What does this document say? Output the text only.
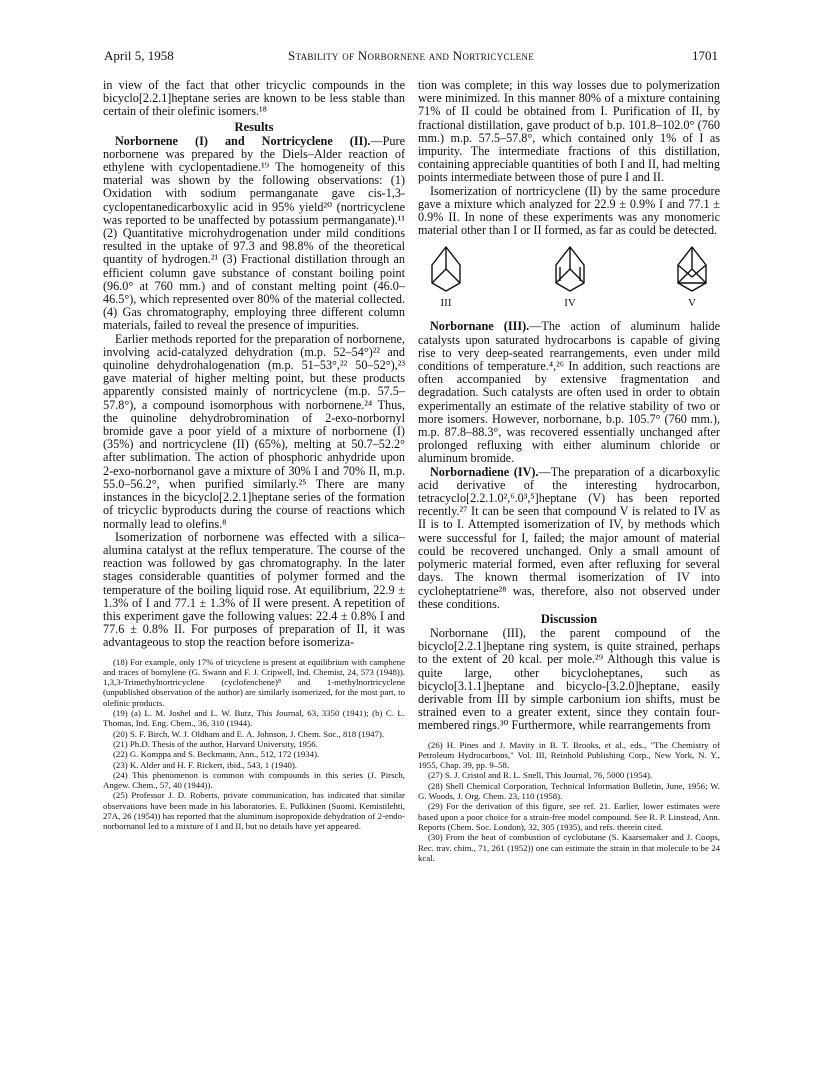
April 5, 1958	Stability of Norbornene and Nortricyclene	1701

in view of the fact that other tricyclic compounds in the bicyclo[2.2.1]heptane series are known to be less stable than certain of their olefinic isomers.¹⁸

Results

Norbornene (I) and Nortricyclene (II).—Pure norbornene was prepared by the Diels–Alder reaction of ethylene with cyclopentadiene.¹⁹ The homogeneity of this material was shown by the following observations: (1) Oxidation with sodium permanganate gave cis-1,3-cyclopentanedicarboxylic acid in 95% yield²⁰ (nortricyclene was reported to be unaffected by potassium permanganate).¹¹ (2) Quantitative microhydrogenation under mild conditions resulted in the uptake of 97.3 and 98.8% of the theoretical quantity of hydrogen.²¹ (3) Fractional distillation through an efficient column gave substance of constant boiling point (96.0° at 760 mm.) and of constant melting point (46.0–46.5°), which represented over 80% of the material collected. (4) Gas chromatography, employing three different column materials, failed to reveal the presence of impurities.

Earlier methods reported for the preparation of norbornene, involving acid-catalyzed dehydration (m.p. 52–54°)²² and quinoline dehydrohalogenation (m.p. 51–53°,²² 50–52°),²³ gave material of higher melting point, but these products apparently consisted mainly of nortricyclene (m.p. 57.5–57.8°), a compound isomorphous with norbornene.²⁴ Thus, the quinoline dehydrobromination of 2-exo-norbornyl bromide gave a poor yield of a mixture of norbornene (I) (35%) and nortricyclene (II) (65%), melting at 50.7–52.2° after sublimation. The action of phosphoric anhydride upon 2-exo-norbornanol gave a mixture of 30% I and 70% II, m.p. 55.0–56.2°, when purified similarly.²⁵ There are many instances in the bicyclo[2.2.1]heptane series of the formation of tricyclic byproducts during the course of reactions which normally lead to olefins.⁸

Isomerization of norbornene was effected with a silica–alumina catalyst at the reflux temperature. The course of the reaction was followed by gas chromatography. In the later stages considerable quantities of polymer formed and the temperature of the boiling liquid rose. At equilibrium, 22.9 ± 1.3% of I and 77.1 ± 1.3% of II were present. A repetition of this experiment gave the following values: 22.4 ± 0.8% I and 77.6 ± 0.8% II. For purposes of preparation of II, it was advantageous to stop the reaction before isomeriza-

(18) For example, only 17% of tricyclene is present at equilibrium with camphene and traces of bornylene (G. Swann and F. J. Cripwell, Ind. Chemist, 24, 573 (1948)). 1,3,3-Trimethylnortricyclene (cyclofenchene)⁸ and 1-methylnortricyclene (unpublished observation of the author) are similarly isomerized, for the most part, to olefinic products.

(19) (a) L. M. Joshel and L. W. Butz, This Journal, 63, 3350 (1941); (b) C. L. Thomas, Ind. Eng. Chem., 36, 310 (1944).

(20) S. F. Birch, W. J. Oldham and E. A. Johnson, J. Chem. Soc., 818 (1947).

(21) Ph.D. Thesis of the author, Harvard University, 1956.

(22) G. Komppa and S. Beckmann, Ann., 512, 172 (1934).

(23) K. Alder and H. F. Rickert, ibid., 543, 1 (1940).

(24) This phenomenon is common with compounds in this series (J. Pirsch, Angew. Chem., 57, 40 (1944)).

(25) Professor J. D. Roberts, private communication, has indicated that similar observations have been made in his laboratories. E. Pulkkinen (Suomi. Kemistilehti, 27A, 26 (1954)) has reported that the aluminum isopropoxide dehydration of 2-endo-norbornanol led to a mixture of I and II, but no details have yet appeared.

tion was complete; in this way losses due to polymerization were minimized. In this manner 80% of a mixture containing 71% of II could be obtained from I. Purification of II, by fractional distillation, gave product of b.p. 101.8–102.0° (760 mm.) m.p. 57.5–57.8°, which contained only 1% of I as impurity. The intermediate fractions of this distillation, containing appreciable quantities of both I and II, had melting points intermediate between those of pure I and II.

Isomerization of nortricyclene (II) by the same procedure gave a mixture which analyzed for 22.9 ± 0.9% I and 77.1 ± 0.9% II. In none of these experiments was any monomeric material other than I or II formed, as far as could be detected.

III	IV	V

Norbornane (III).—The action of aluminum halide catalysts upon saturated hydrocarbons is capable of giving rise to very deep-seated rearrangements, even under mild conditions of temperature.⁴,²⁶ In addition, such reactions are often accompanied by extensive fragmentation and degradation. Such catalysts are often used in order to obtain experimentally an estimate of the relative stability of two or more isomers. However, norbornane, b.p. 105.7° (760 mm.), m.p. 87.8–88.3°, was recovered essentially unchanged after prolonged refluxing with either aluminum chloride or aluminum bromide.

Norbornadiene (IV).—The preparation of a dicarboxylic acid derivative of the interesting hydrocarbon, tetracyclo[2.2.1.0²,⁶.0³,⁵]heptane (V) has been reported recently.²⁷ It can be seen that compound V is related to IV as II is to I. Attempted isomerization of IV, by methods which were successful for I, failed; the major amount of material could be recovered unchanged. Only a small amount of polymeric material formed, even after refluxing for several days. The known thermal isomerization of IV into cycloheptatriene²⁸ was, therefore, also not observed under these conditions.

Discussion

Norbornane (III), the parent compound of the bicyclo[2.2.1]heptane ring system, is quite strained, perhaps to the extent of 20 kcal. per mole.²⁹ Although this value is quite large, other bicycloheptanes, such as bicyclo[3.1.1]heptane and bicyclo-[3.2.0]heptane, easily derivable from III by simple carbonium ion shifts, must be strained even to a greater extent, since they contain four-membered rings.³⁰ Furthermore, while rearrangements from

(26) H. Pines and J. Mavity in B. T. Brooks, et al., eds., "The Chemistry of Petroleum Hydrocarbons," Vol. III, Reinhold Publishing Corp., New York, N. Y., 1955, Chap. 39, pp. 9–58.

(27) S. J. Cristol and R. L. Snell, This Journal, 76, 5000 (1954).

(28) Shell Chemical Corporation, Technical Information Bulletin, June, 1956; W. G. Woods, J. Org. Chem. 23, 110 (1958).

(29) For the derivation of this figure, see ref. 21. Earlier, lower estimates were based upon a poor choice for a strain-free model compound. See R. P. Linstead, Ann. Reports (Chem. Soc. London), 32, 305 (1935), and refs. therein cited.

(30) From the heat of combustion of cyclobutane (S. Kaarsemaker and J. Coops, Rec. trav. chim., 71, 261 (1952)) one can estimate the strain in that molecule to be 24 kcal.
